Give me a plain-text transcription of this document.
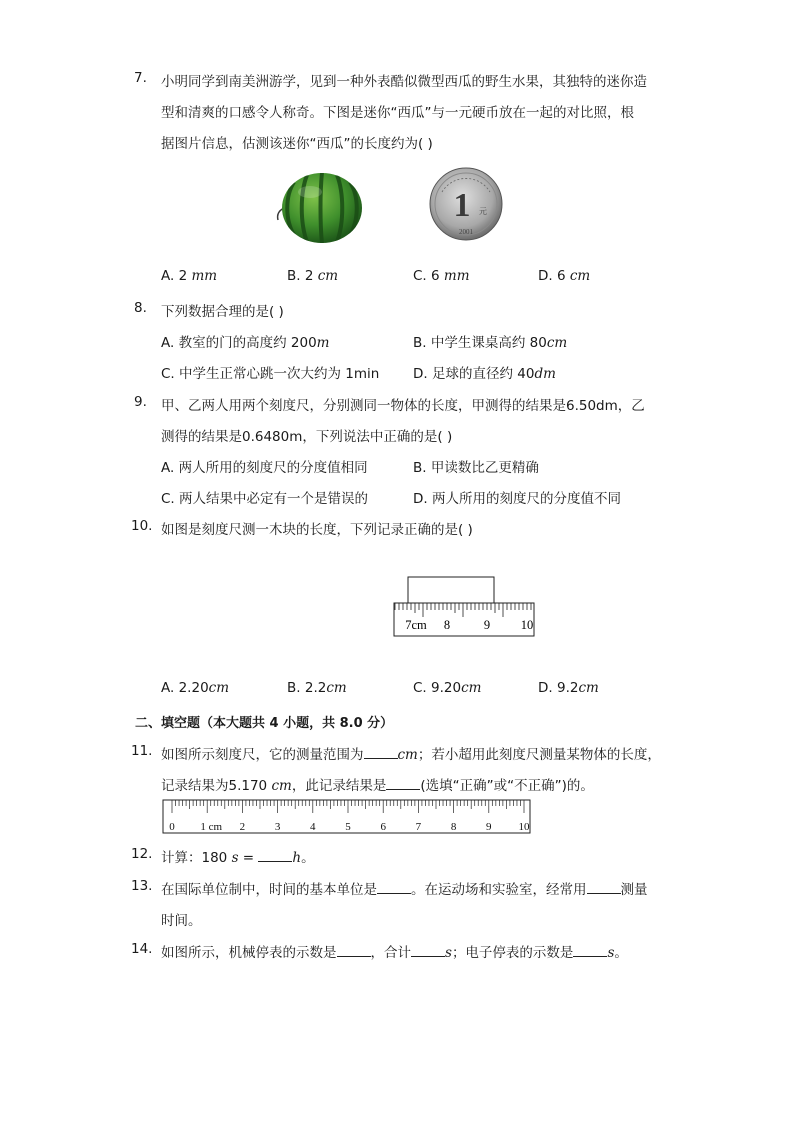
7. 小明同学到南美洲游学，见到一种外表酷似微型西瓜的野生水果，其独特的迷你造
型和清爽的口感令人称奇。下图是迷你“西瓜”与一元硬币放在一起的对比照，根
据图片信息，估测该迷你“西瓜”的长度约为( )
1 元
2001
A. 2 mm	B. 2 cm	C. 6 mm	D. 6 cm
8. 下列数据合理的是( )
A. 教室的门的高度约 200m	B. 中学生课桌高约 80cm
C. 中学生正常心跳一次大约为 1min D. 足球的直径约 40dm
9. 甲、乙两人用两个刻度尺，分别测同一物体的长度，甲测得的结果是6.50dm，乙
测得的结果是0.6480m，下列说法中正确的是( )
A. 两人所用的刻度尺的分度值相同	B. 甲读数比乙更精确
C. 两人结果中必定有一个是错误的	D. 两人所用的刻度尺的分度值不同
10. 如图是刻度尺测一木块的长度，下列记录正确的是( )
7cm 8	9 10
A. 2.20cm	B. 2.2cm	C. 9.20cm	D. 9.2cm
二、填空题（本大题共 4 小题，共 8.0 分）
11. 如图所示刻度尺，它的测量范围为	cm；若小超用此刻度尺测量某物体的长度，
记录结果为5.170 cm，此记录结果是	(选填“正确”或“不正确”)的。
0 1 cm 2	3	4	5	6	7	8	9 10
12. 计算：180 s =	h。
13. 在国际单位制中，时间的基本单位是	。在运动场和实验室，经常用	测量
时间。
14. 如图所示，机械停表的示数是	，合计	s；电子停表的示数是	s。
